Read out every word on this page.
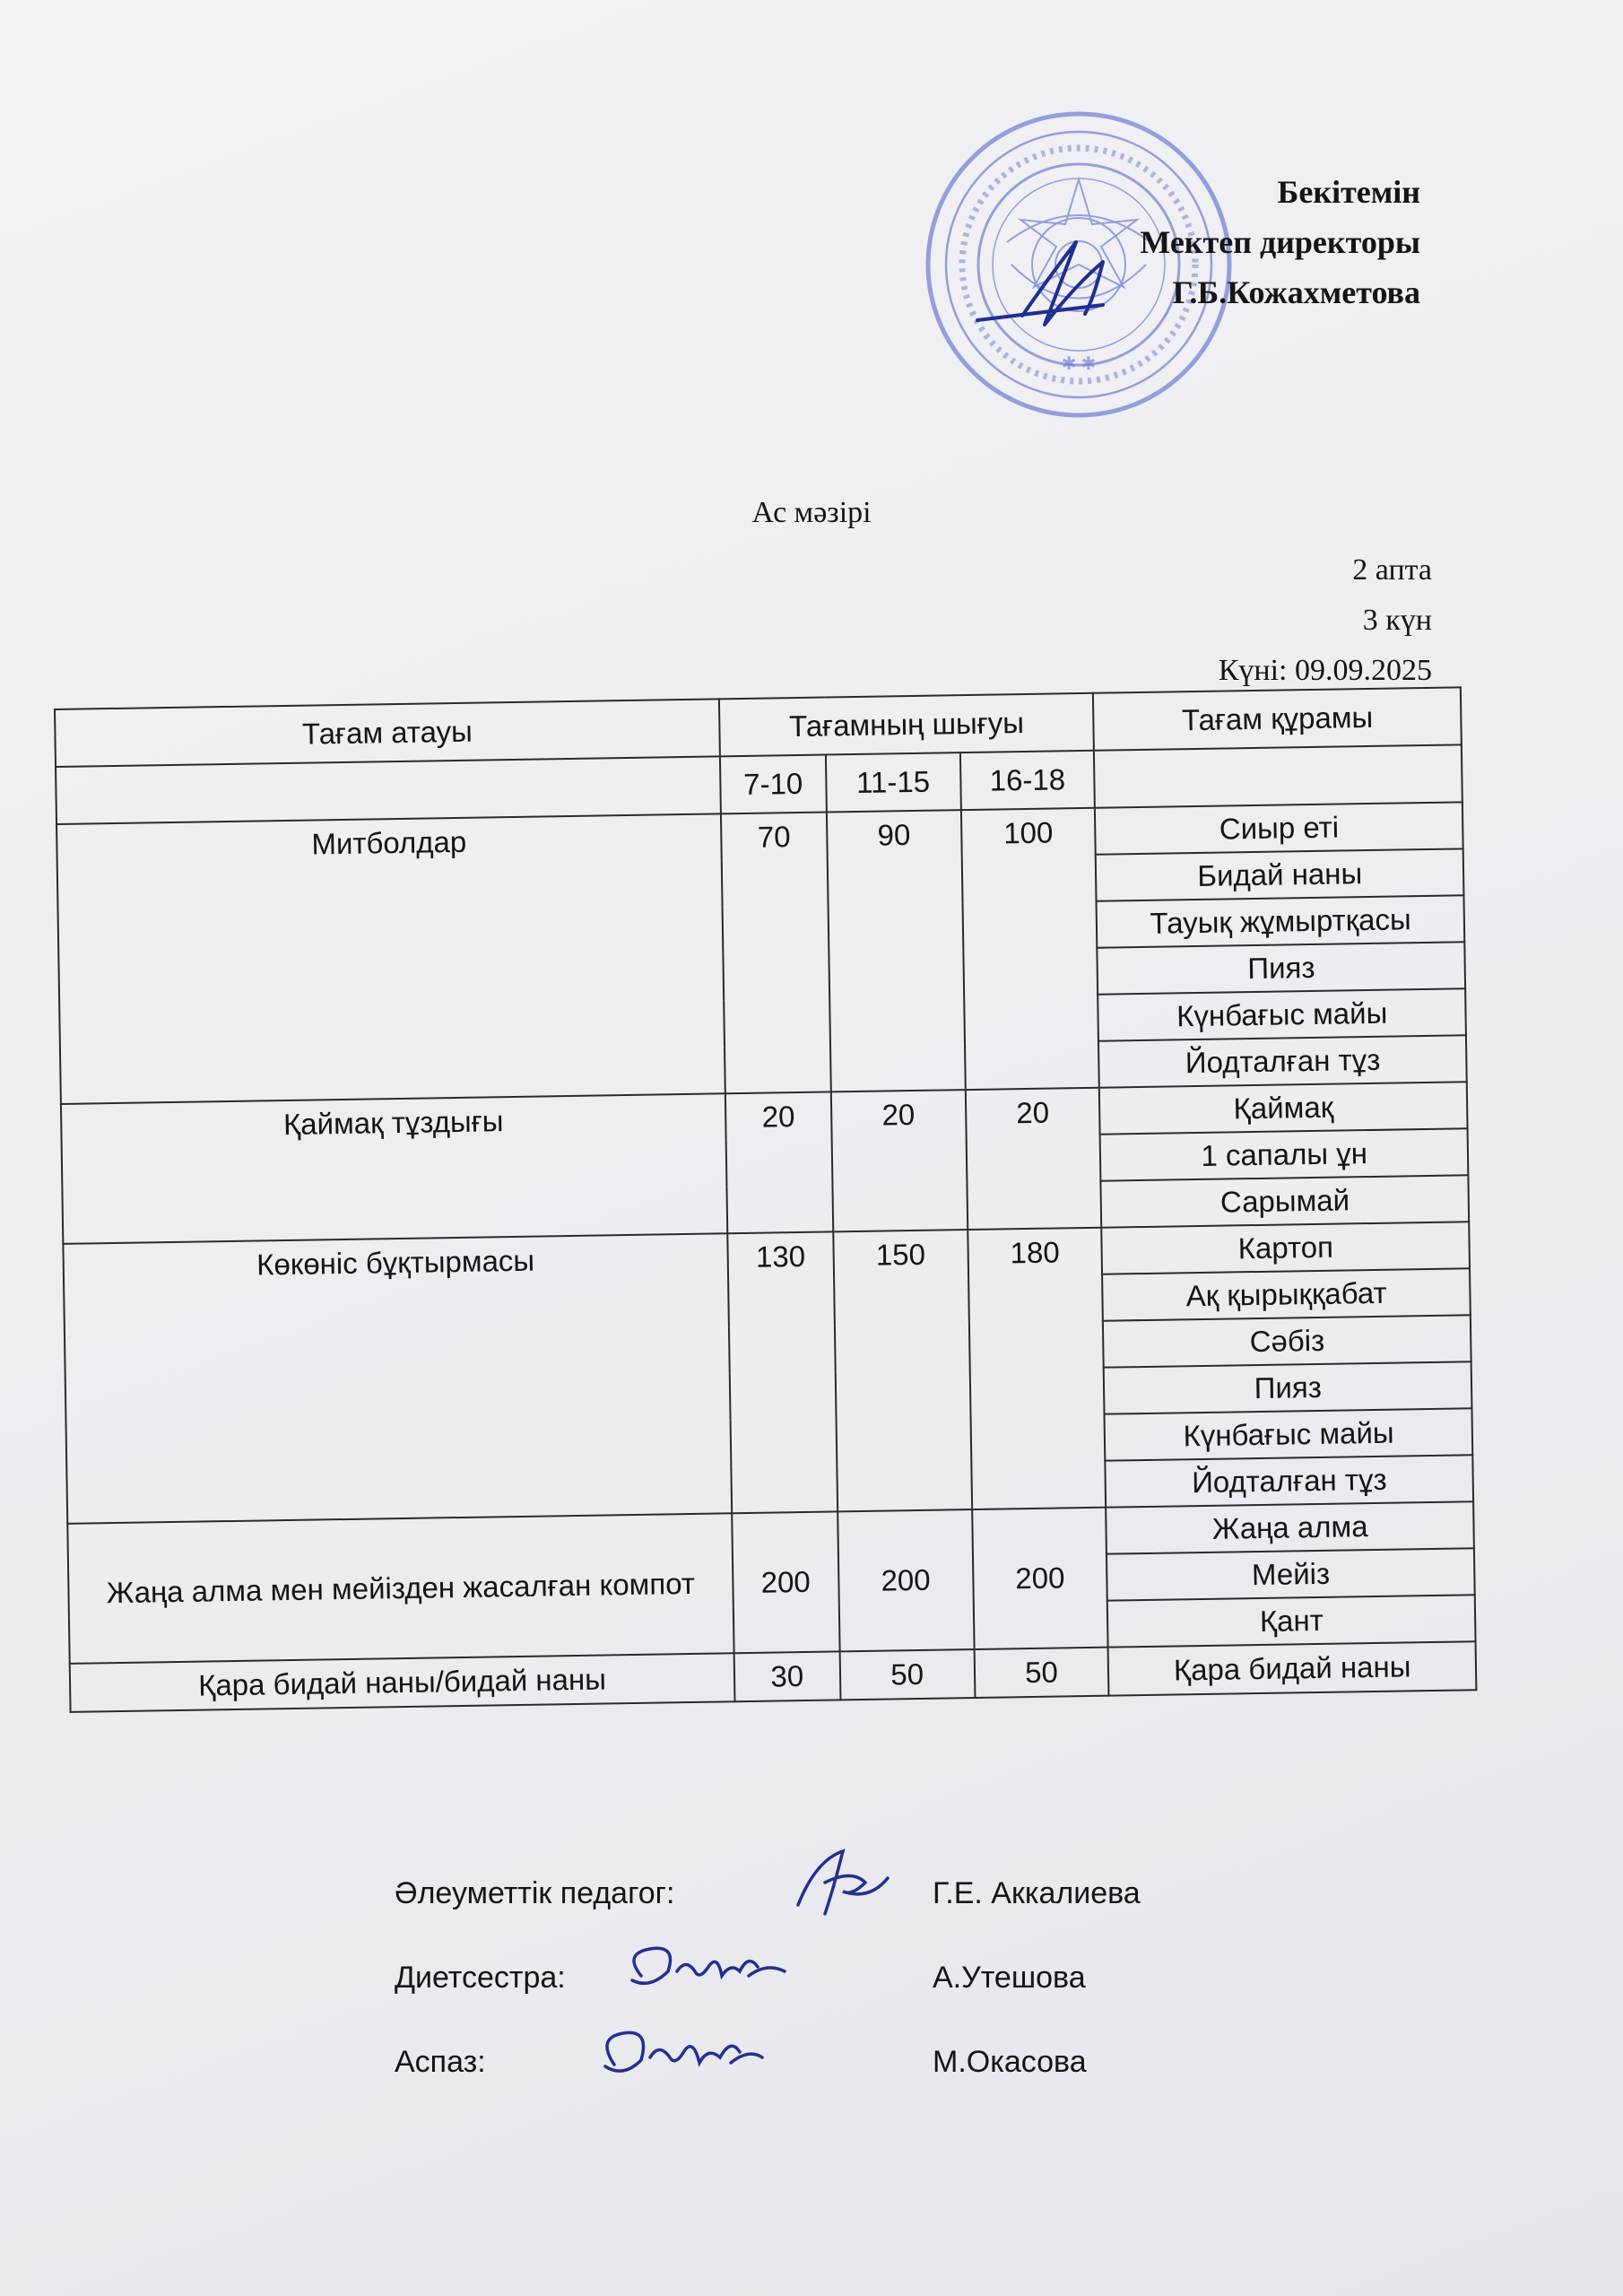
✱ ✱
Бекітемін
Мектеп директоры
Г.Б.Кожахметова
Ас мәзірі
2 апта
3 күн
Күні: 09.09.2025
Тағам атауы	Тағамның шығуы			Тағам құрамы
	7-10	11-15	16-18	
Митболдар	70	90	100	Сиыр еті
				Бидай наны
				Тауық жұмыртқасы
				Пияз
				Күнбағыс майы
				Йодталған тұз
Қаймақ тұздығы	20	20	20	Қаймақ
				1 сапалы ұн
				Сарымай
Көкөніс бұқтырмасы	130	150	180	Картоп
				Ақ қырыққабат
				Сәбіз
				Пияз
				Күнбағыс майы
				Йодталған тұз
Жаңа алма мен мейізден жасалған компот	200	200	200	Жаңа алма
				Мейіз
				Қант
Қара бидай наны/бидай наны	30	50	50	Қара бидай наны
Әлеуметтік педагог:	Г.Е. Аккалиева
Диетсестра:	А.Утешова
Аспаз:	М.Окасова
